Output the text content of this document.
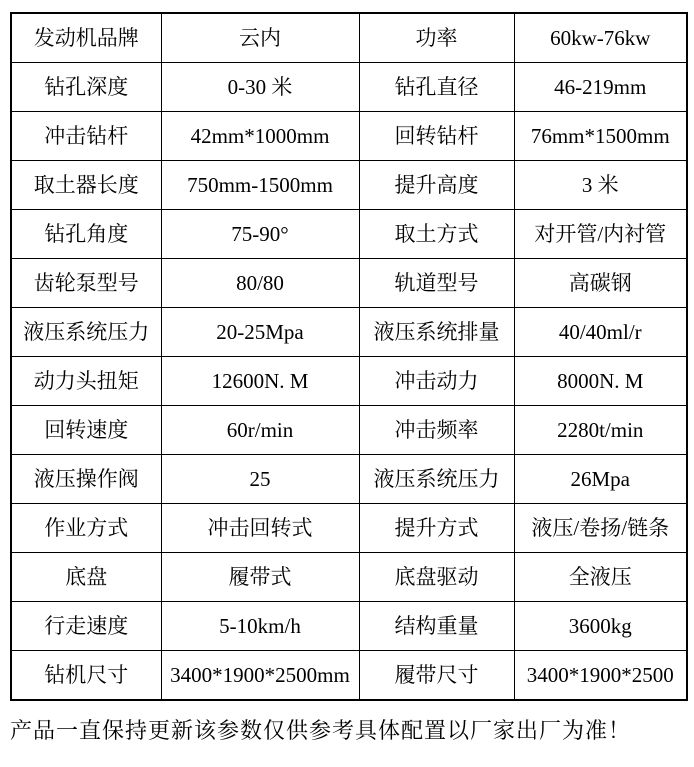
发动机品牌	云内	功率	60kw-76kw
钻孔深度	0-30 米	钻孔直径	46-219mm
冲击钻杆	42mm*1000mm	回转钻杆	76mm*1500mm
取土器长度	750mm-1500mm	提升高度	3 米
钻孔角度	75-90°	取土方式	对开管/内衬管
齿轮泵型号	80/80	轨道型号	高碳钢
液压系统压力	20-25Mpa	液压系统排量	40/40ml/r
动力头扭矩	12600N. M	冲击动力	8000N. M
回转速度	60r/min	冲击频率	2280t/min
液压操作阀	25	液压系统压力	26Mpa
作业方式	冲击回转式	提升方式	液压/卷扬/链条
底盘	履带式	底盘驱动	全液压
行走速度	5-10km/h	结构重量	3600kg
钻机尺寸	3400*1900*2500mm	履带尺寸	3400*1900*2500

产品一直保持更新该参数仅供参考具体配置以厂家出厂为准！
